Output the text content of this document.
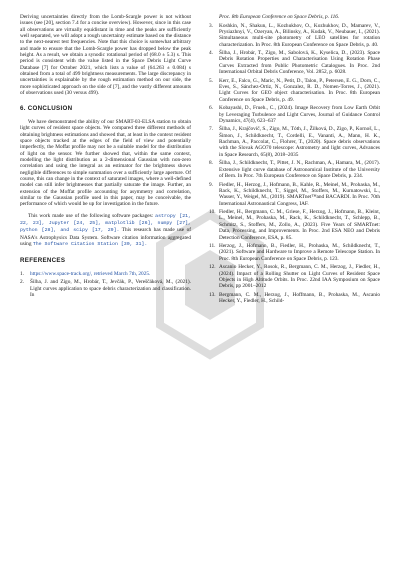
Deriving uncertainties directly from the Lomb-Scargle power is not without issues (see [20], section 7.4 for a concise overview). However, since in this case all observations are virtually equidistant in time and the peaks are sufficiently well separated, we will adopt a rough uncertainty estimate based on the distance to the next-nearest test frequencies. Note that this choice is somewhat arbitrary and made to ensure that the Lomb-Scargle power has dropped below the peak height. As a result, we obtain a synodic rotational period of (68.0 ± 5.3) s. This period is consistent with the value listed in the Space Debris Light Curve Database [7] for October 2021, which lists a value of (64.263 ± 0.084) s obtained from a total of 499 brightness measurements. The large discrepancy in uncertainties is explainable by the rough estimation method on our side, the more sophisticated approach on the side of [7], and the vastly different amounts of observations used (30 versus 499).

6. CONCLUSION

We have demonstrated the ability of our SMART-03-ELSA station to obtain light curves of resident space objects. We compared three different methods of obtaining brightness estimations and showed that, at least in the context resident space objects tracked at the edges of the field of view and potentially imperfectly, the Moffat profile may not be a suitable model for the distribution of light on the sensor. We further showed that, within the same context, modelling the light distribution as a 2-dimensional Gaussian with non-zero correlation and using the integral as an estimator for the brightness shows negligible differences to simple summation over a sufficiently large aperture. Of course, this can change in the context of saturated images, where a well-defined model can still infer brightnesses that partially saturate the image. Further, an extension of the Moffat profile accounting for asymmetry and correlation, similar to the Gaussian profile used in this paper, may be conceivable, the performance of which would be up for investigation in the future.

This work made use of the following software packages: astropy [21, 22, 23], Jupyter [24, 25], matplotlib [26], numpy [27], python [28], and scipy [17, 29]. This research has made use of NASA's Astrophysics Data System. Software citation information aggregated using The Software Citation Station [30, 31].

REFERENCES
1.	https://www.space-track.org/, retrieved March 7th, 2025.
2.	Šilha, J. and Zigo, M., Hrobár, T., Jevčák, P., Vereščáková, M., (2021). Light curves application to space debris characterization and classification. In
Proc. 8th European Conference on Space Debris, p. 116.
3.	Koshkin, N., Shakun, L., Kozhukhov, O., Kozhukhov, D., Mamarev, V., Prysiazhnyi, V., Ozeryan, A., Bilinsky, A., Kudak, V., Neubauer, I., (2021). Simultaneous multi-site photometry of LEO satellites for rotation characterization. In Proc. 8th European Conference on Space Debris, p. 40.
4.	Šilha, J., Hrobár, T., Zigo, M., Sabolová, K., Kyselica, D., (2023). Space Debris Rotation Properties and Characterisation Using Rotation Phase Curves Extracted from Public Photometric Catalogues. In Proc. 2nd International Orbital Debris Conference, Vol. 2852, p. 6028.
5.	Kerr, E., Falco, G., Maric, N., Petit, D., Talon, P., Petersen, E. G., Dorn, C., Eves, S., Sánchez-Ortiz, N., Gonzalez, R. D., Nomen-Torres, J., (2021). Light Curves for GEO object characterisation. In Proc. 8th European Conference on Space Debris, p. 49.
6.	Kobayashi, D., Frueh., C., (2024). Image Recovery from Low Earth Orbit by Leveraging Turbulence and Light Curves, Journal of Guidance Control Dynamics, 47(4), 623–637
7.	Šilha, J., Krajčovič, S., Zigo, M., Tóth, J., Žilková, D., Zigo, P., Kornoš, L., Šimon, J., Schildknecht, T., Cordelli, E., Vananti, A., Mann, H. K., Rachman, A., Paccolat, C., Flohrer, T., (2020). Space debris observations with the Slovak AGO70 telescope: Astrometry and light curves, Advances in Space Research, 65(8), 2018–2035
8.	Šilha, J., Schildknecht, T., Pittet, J. N., Rachman, A., Hamara, M., (2017). Extensive light curve database of Astronomical Institute of the University of Bern. In Proc. 7th European Conference on Space Debris, p. 234.
9.	Fiedler, H., Herzog, J., Hofmann, B., Kahle, R., Meinel, M., Prohaska, M., Rack, K., Schildknecht, T., Siggel, M., Stoffers, M., Kurnatowski, L., Wasser, Y., Weigel, M., (2019). SMARTnet™and BACARDI. In Proc. 70th International Astronautical Congress, IAF.
10. Fiedler, H., Bergmann, C. M., Griese, F., Herzog, J., Hofmann, B., Kleint, L., Meinel, M., Prohaska, M., Rack, K., Schildknecht, T., Schlepp, B., Schmitz, S., Stoffers, M., Zollo, A., (2023). Five Years of SMARTnet: Data, Processing, and Improvements. In Proc. 2nd ESA NEO and Debris Detection Conference, ESA, p. 85.
11. Herzog, J., Hofmann, B., Fiedler, H., Prohaska, M., Schildknecht, T., (2021). Software and Hardware to Improve a Remote Telescope Station. In Proc. 8th European Conference on Space Debris, p. 123.
12. Ascanio Hecker, Y., Rosok, R., Bergmann, C. M., Herzog, J., Fiedler, H., (2024). Impact of a Rolling Shutter on Light Curves of Resident Space Objects in High Altitude Orbits. In Proc. 22nd IAA Symposium on Space Debris, pp 2001–2012
13. Bergmann, C. M., Herzog, J., Hoffmann, B., Prohaska, M., Ascanio Hecker, Y., Fiedler, H., Schild-
